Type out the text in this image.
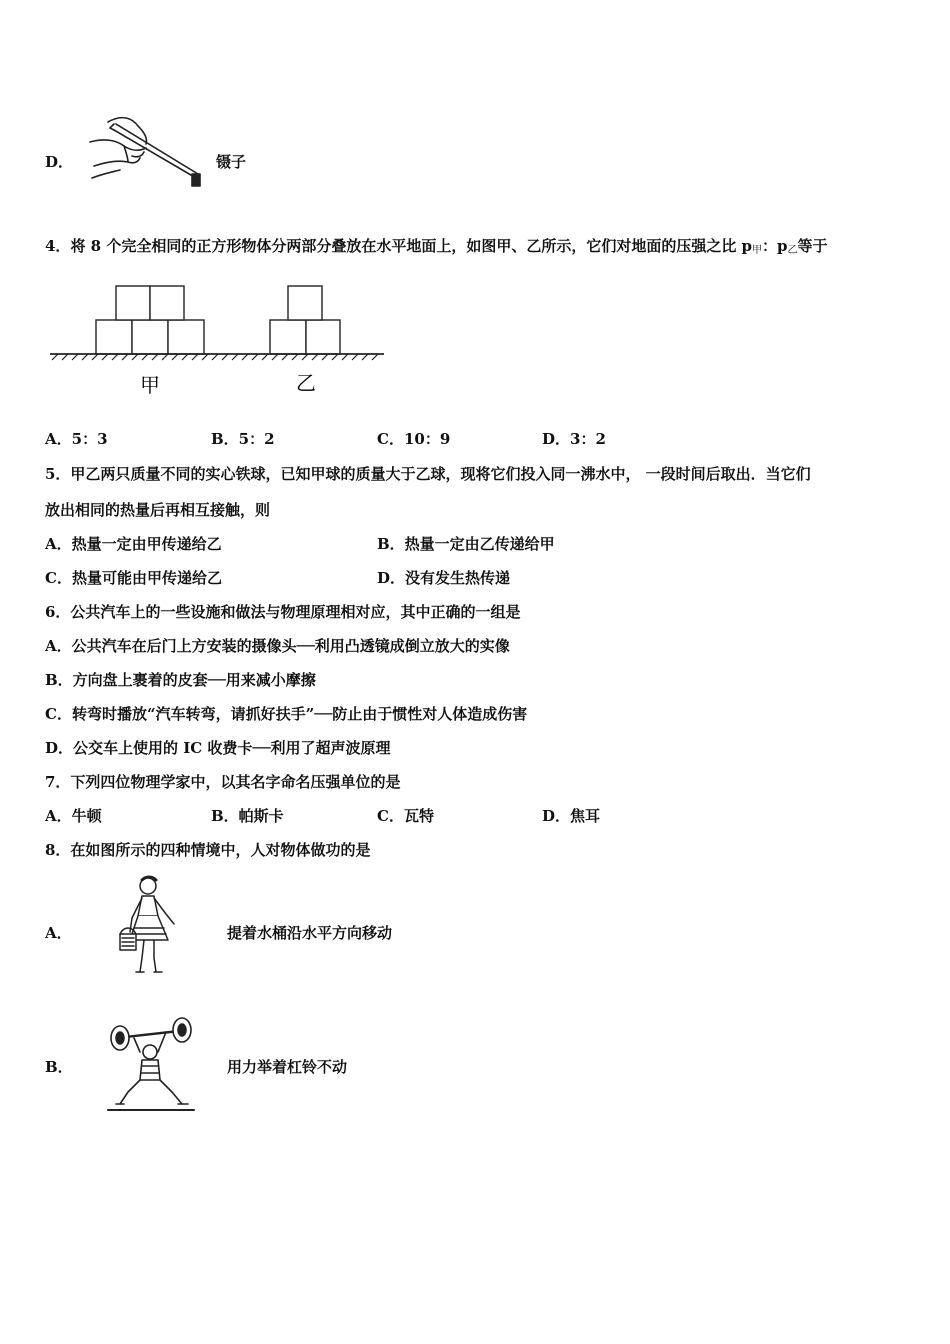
D．	镊子
4．将 8 个完全相同的正方形物体分两部分叠放在水平地面上，如图甲、乙所示，它们对地面的压强之比 $p_甲$：$p_乙$等于
甲	乙
A．5：3	B．5：2	C．10：9	D．3：2
5．甲乙两只质量不同的实心铁球，已知甲球的质量大于乙球，现将它们投入同一沸水中， 一段时间后取出．当它们
放出相同的热量后再相互接触，则
A．热量一定由甲传递给乙	B．热量一定由乙传递给甲
C．热量可能由甲传递给乙	D．没有发生热传递
6．公共汽车上的一些设施和做法与物理原理相对应，其中正确的一组是
A．公共汽车在后门上方安装的摄像头──利用凸透镜成倒立放大的实像
B．方向盘上裹着的皮套──用来减小摩擦
C．转弯时播放“汽车转弯，请抓好扶手”──防止由于惯性对人体造成伤害
D．公交车上使用的 IC 收费卡──利用了超声波原理
7．下列四位物理学家中，以其名字命名压强单位的是
A．牛顿	B．帕斯卡	C．瓦特	D．焦耳
8．在如图所示的四种情境中，人对物体做功的是
A．	提着水桶沿水平方向移动
B．	用力举着杠铃不动
